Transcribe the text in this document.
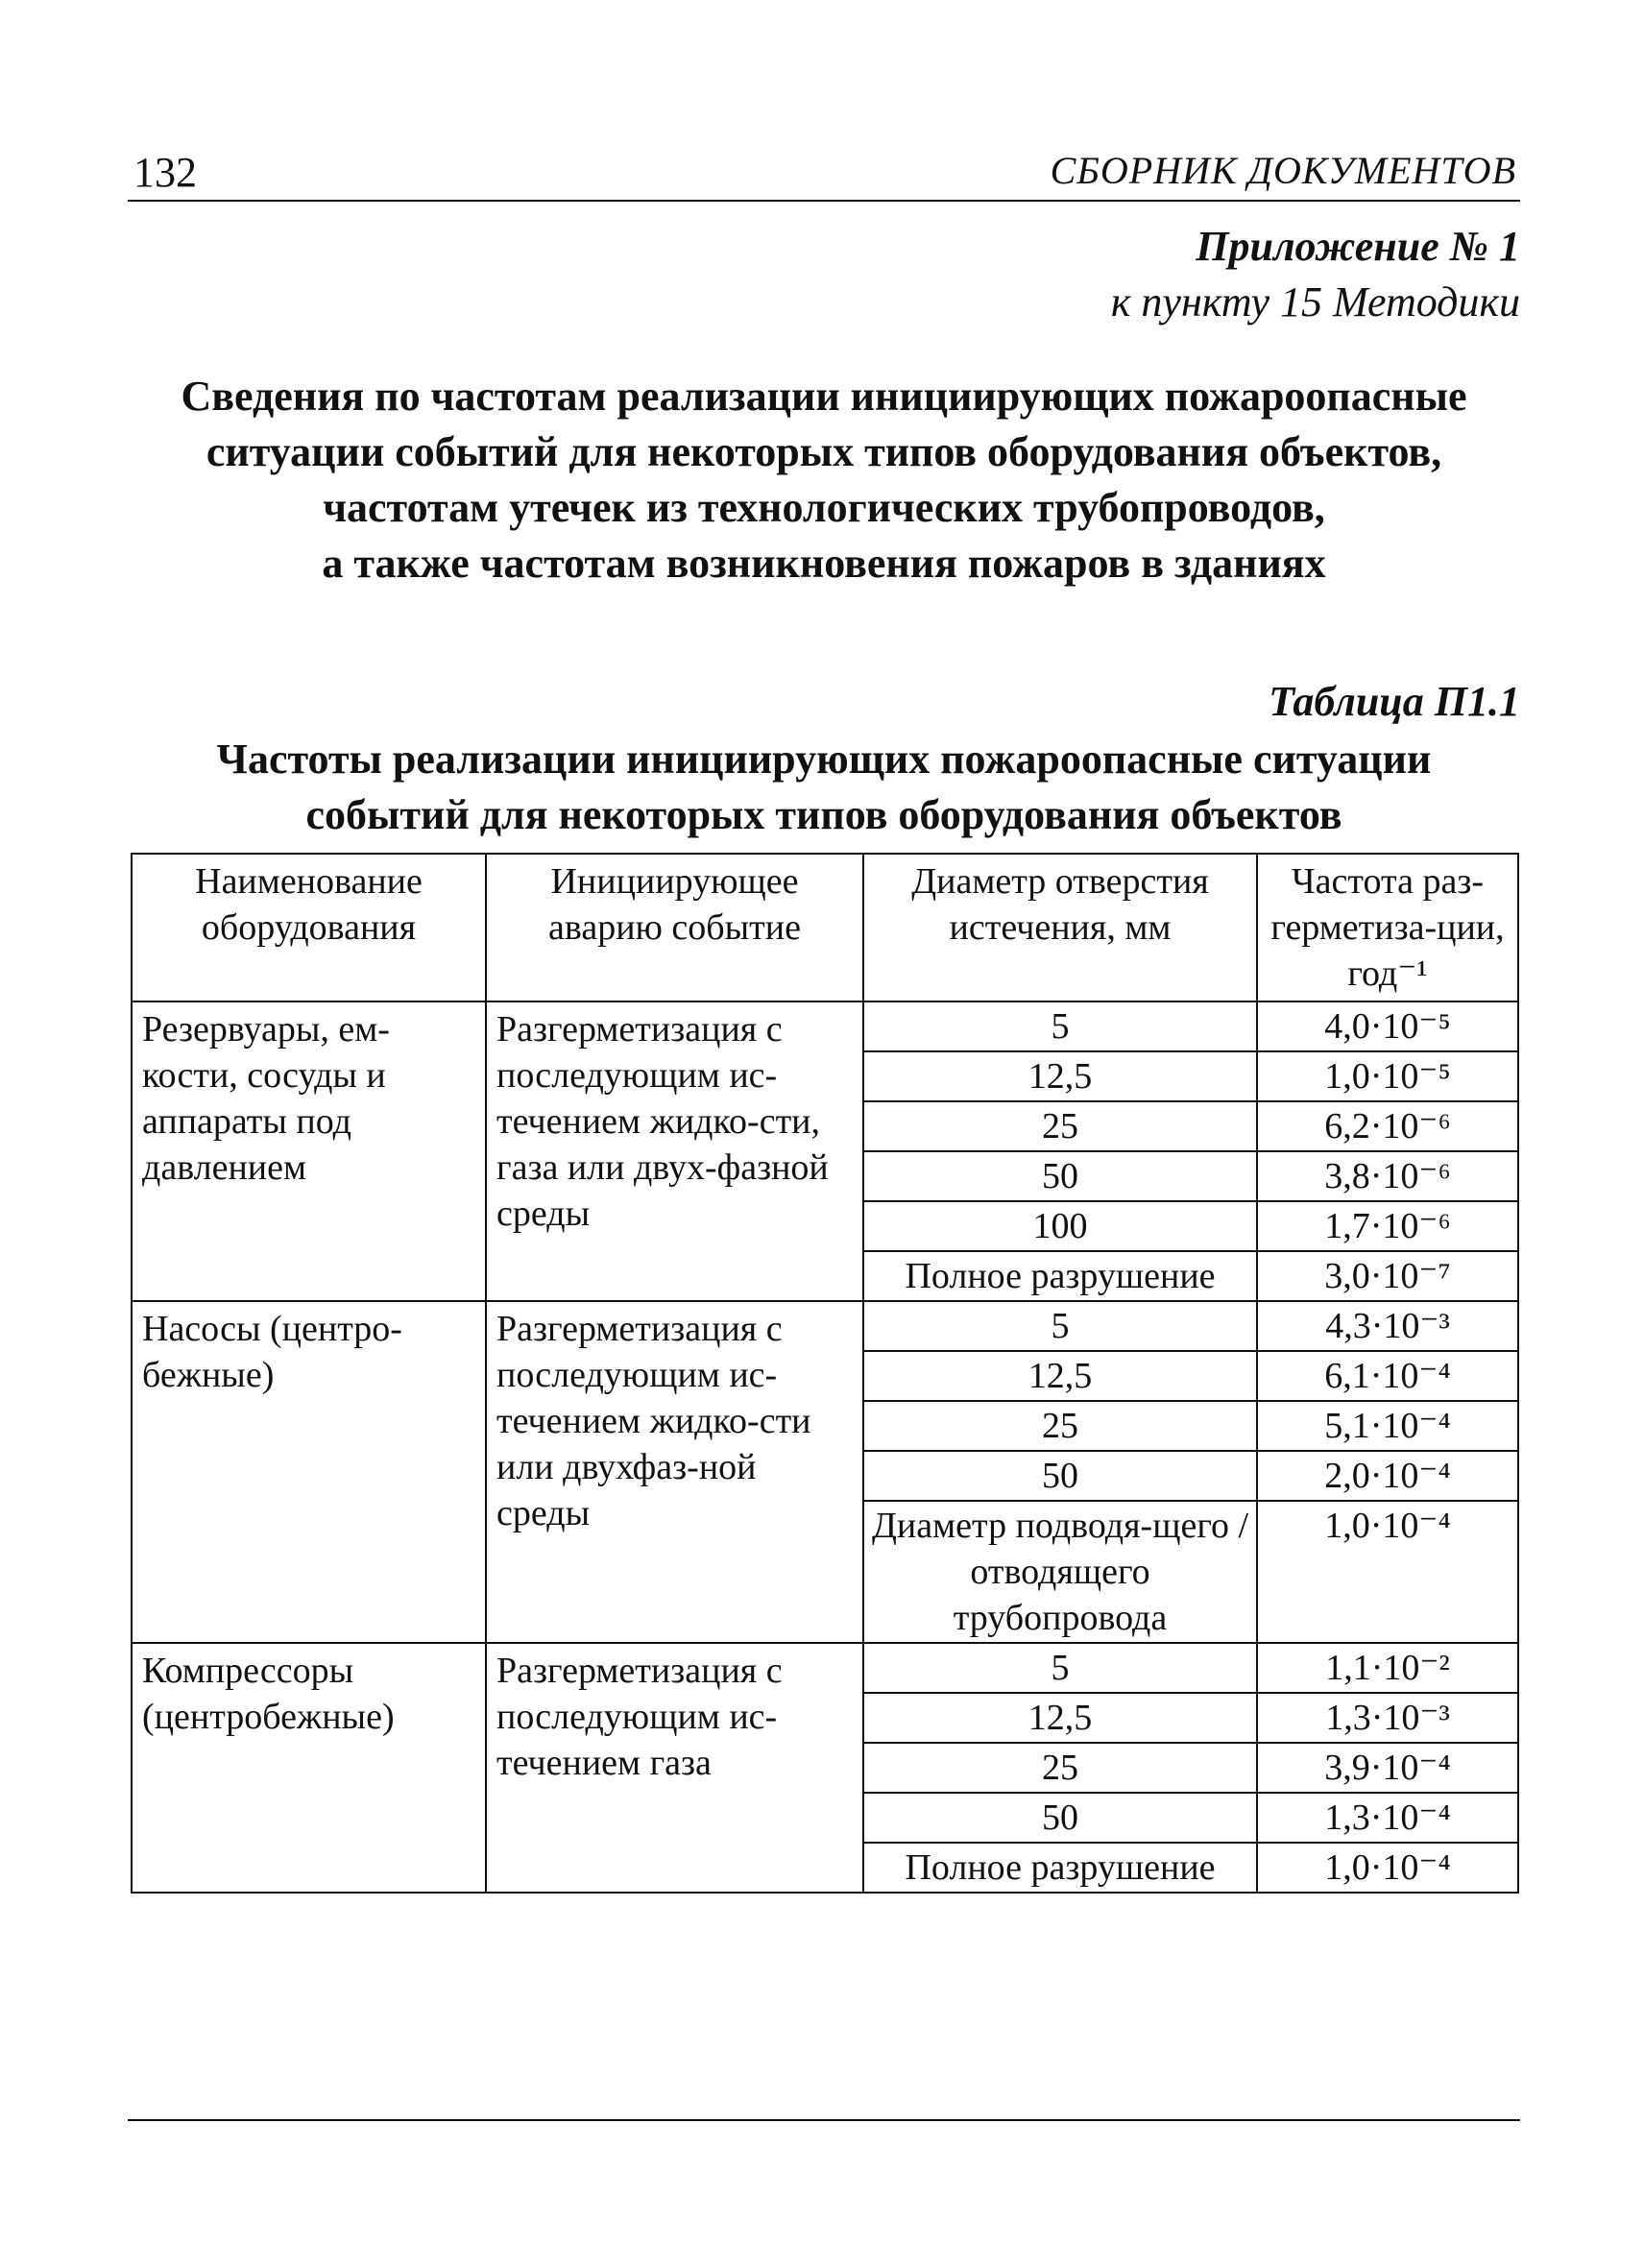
132	СБОРНИК ДОКУМЕНТОВ
Приложение № 1
к пункту 15 Методики
Сведения по частотам реализации инициирующих пожароопасные
ситуации событий для некоторых типов оборудования объектов,
частотам утечек из технологических трубопроводов,
а также частотам возникновения пожаров в зданиях
Таблица П1.1
Частоты реализации инициирующих пожароопасные ситуации
событий для некоторых типов оборудования объектов
Наименование оборудования	Инициирующее аварию событие	Диаметр отверстия истечения, мм	Частота раз-герметиза-ции, год⁻¹
Резервуары, ем-кости, сосуды и аппараты под давлением	Разгерметизация с последующим ис-течением жидко-сти, газа или двух-фазной среды	5	4,0·10⁻⁵
		12,5	1,0·10⁻⁵
		25	6,2·10⁻⁶
		50	3,8·10⁻⁶
		100	1,7·10⁻⁶
		Полное разрушение	3,0·10⁻⁷
Насосы (центро-бежные)	Разгерметизация с последующим ис-течением жидко-сти или двухфаз-ной среды	5	4,3·10⁻³
		12,5	6,1·10⁻⁴
		25	5,1·10⁻⁴
		50	2,0·10⁻⁴
		Диаметр подводя-щего / отводящего трубопровода	1,0·10⁻⁴
Компрессоры (центробежные)	Разгерметизация с последующим ис-течением газа	5	1,1·10⁻²
		12,5	1,3·10⁻³
		25	3,9·10⁻⁴
		50	1,3·10⁻⁴
		Полное разрушение	1,0·10⁻⁴
